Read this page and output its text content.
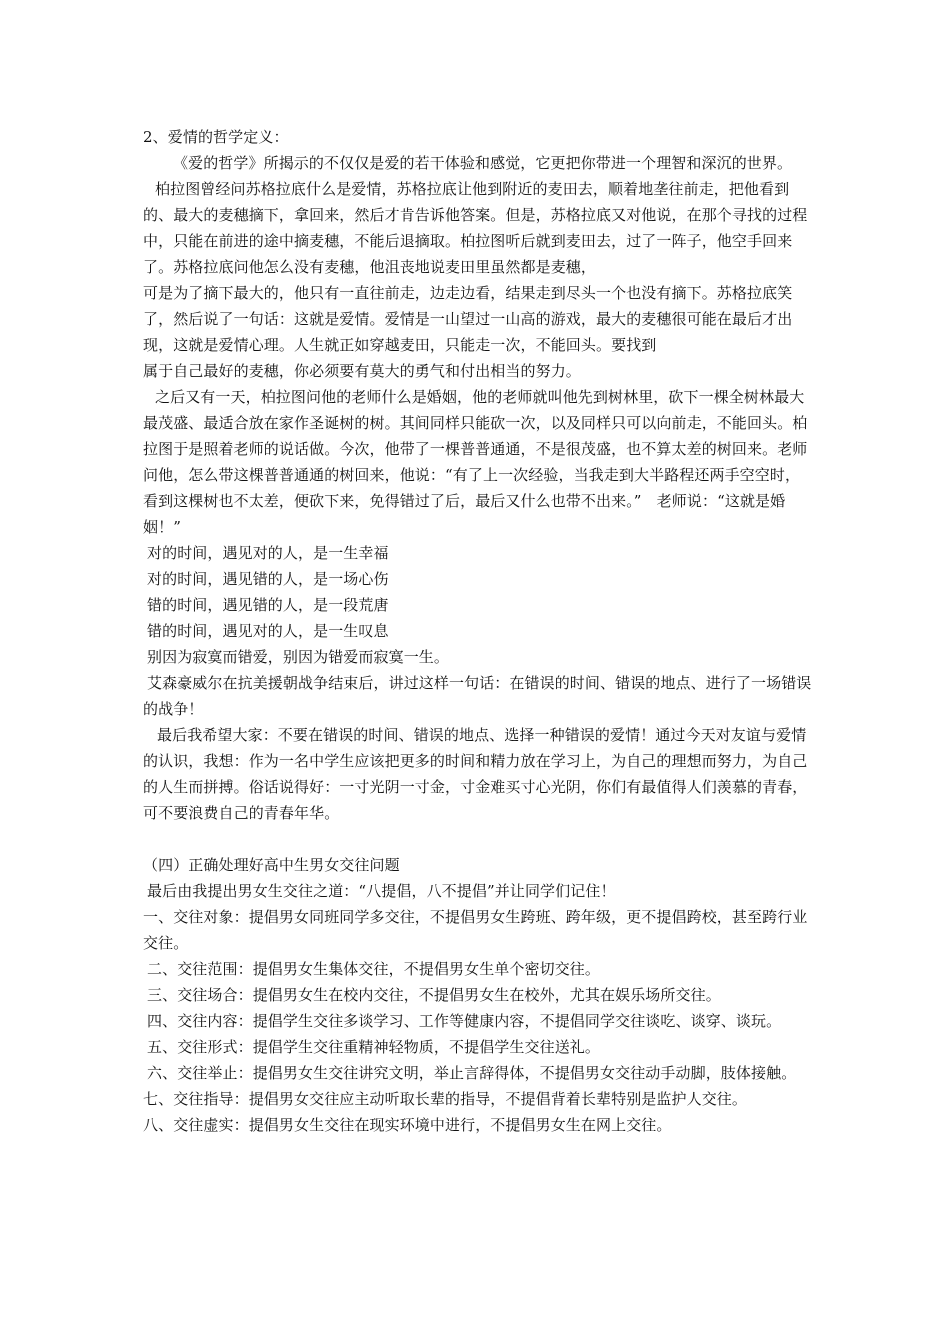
2、爱情的哲学定义：

《爱的哲学》所揭示的不仅仅是爱的若干体验和感觉，它更把你带进一个理智和深沉的世界。

柏拉图曾经问苏格拉底什么是爱情，苏格拉底让他到附近的麦田去，顺着地垄往前走，把他看到的、最大的麦穗摘下，拿回来，然后才肯告诉他答案。但是，苏格拉底又对他说，在那个寻找的过程中，只能在前进的途中摘麦穗，不能后退摘取。柏拉图听后就到麦田去，过了一阵子，他空手回来了。苏格拉底问他怎么没有麦穗，他沮丧地说麦田里虽然都是麦穗，

可是为了摘下最大的，他只有一直往前走，边走边看，结果走到尽头一个也没有摘下。苏格拉底笑了，然后说了一句话：这就是爱情。爱情是一山望过一山高的游戏，最大的麦穗很可能在最后才出现，这就是爱情心理。人生就正如穿越麦田，只能走一次，不能回头。要找到

属于自己最好的麦穗，你必须要有莫大的勇气和付出相当的努力。

之后又有一天，柏拉图问他的老师什么是婚姻，他的老师就叫他先到树林里，砍下一棵全树林最大最茂盛、最适合放在家作圣诞树的树。其间同样只能砍一次，以及同样只可以向前走，不能回头。柏拉图于是照着老师的说话做。今次，他带了一棵普普通通，不是很茂盛，也不算太差的树回来。老师问他，怎么带这棵普普通通的树回来，他说：“有了上一次经验，当我走到大半路程还两手空空时，看到这棵树也不太差，便砍下来，免得错过了后，最后又什么也带不出来。”　老师说：“这就是婚姻！”

对的时间，遇见对的人，是一生幸福

对的时间，遇见错的人，是一场心伤

错的时间，遇见错的人，是一段荒唐

错的时间，遇见对的人，是一生叹息

别因为寂寞而错爱，别因为错爱而寂寞一生。

艾森豪威尔在抗美援朝战争结束后，讲过这样一句话：在错误的时间、错误的地点、进行了一场错误的战争！

最后我希望大家：不要在错误的时间、错误的地点、选择一种错误的爱情！通过今天对友谊与爱情的认识，我想：作为一名中学生应该把更多的时间和精力放在学习上，为自己的理想而努力，为自己的人生而拼搏。俗话说得好：一寸光阴一寸金，寸金难买寸心光阴，你们有最值得人们羡慕的青春，可不要浪费自己的青春年华。

（四）正确处理好高中生男女交往问题

最后由我提出男女生交往之道：“八提倡，八不提倡”并让同学们记住！

一、交往对象：提倡男女同班同学多交往，不提倡男女生跨班、跨年级，更不提倡跨校，甚至跨行业交往。

二、交往范围：提倡男女生集体交往，不提倡男女生单个密切交往。

三、交往场合：提倡男女生在校内交往，不提倡男女生在校外，尤其在娱乐场所交往。

四、交往内容：提倡学生交往多谈学习、工作等健康内容，不提倡同学交往谈吃、谈穿、谈玩。

五、交往形式：提倡学生交往重精神轻物质，不提倡学生交往送礼。

六、交往举止：提倡男女生交往讲究文明，举止言辞得体，不提倡男女交往动手动脚，肢体接触。

七、交往指导：提倡男女交往应主动听取长辈的指导，不提倡背着长辈特别是监护人交往。

八、交往虚实：提倡男女生交往在现实环境中进行，不提倡男女生在网上交往。
